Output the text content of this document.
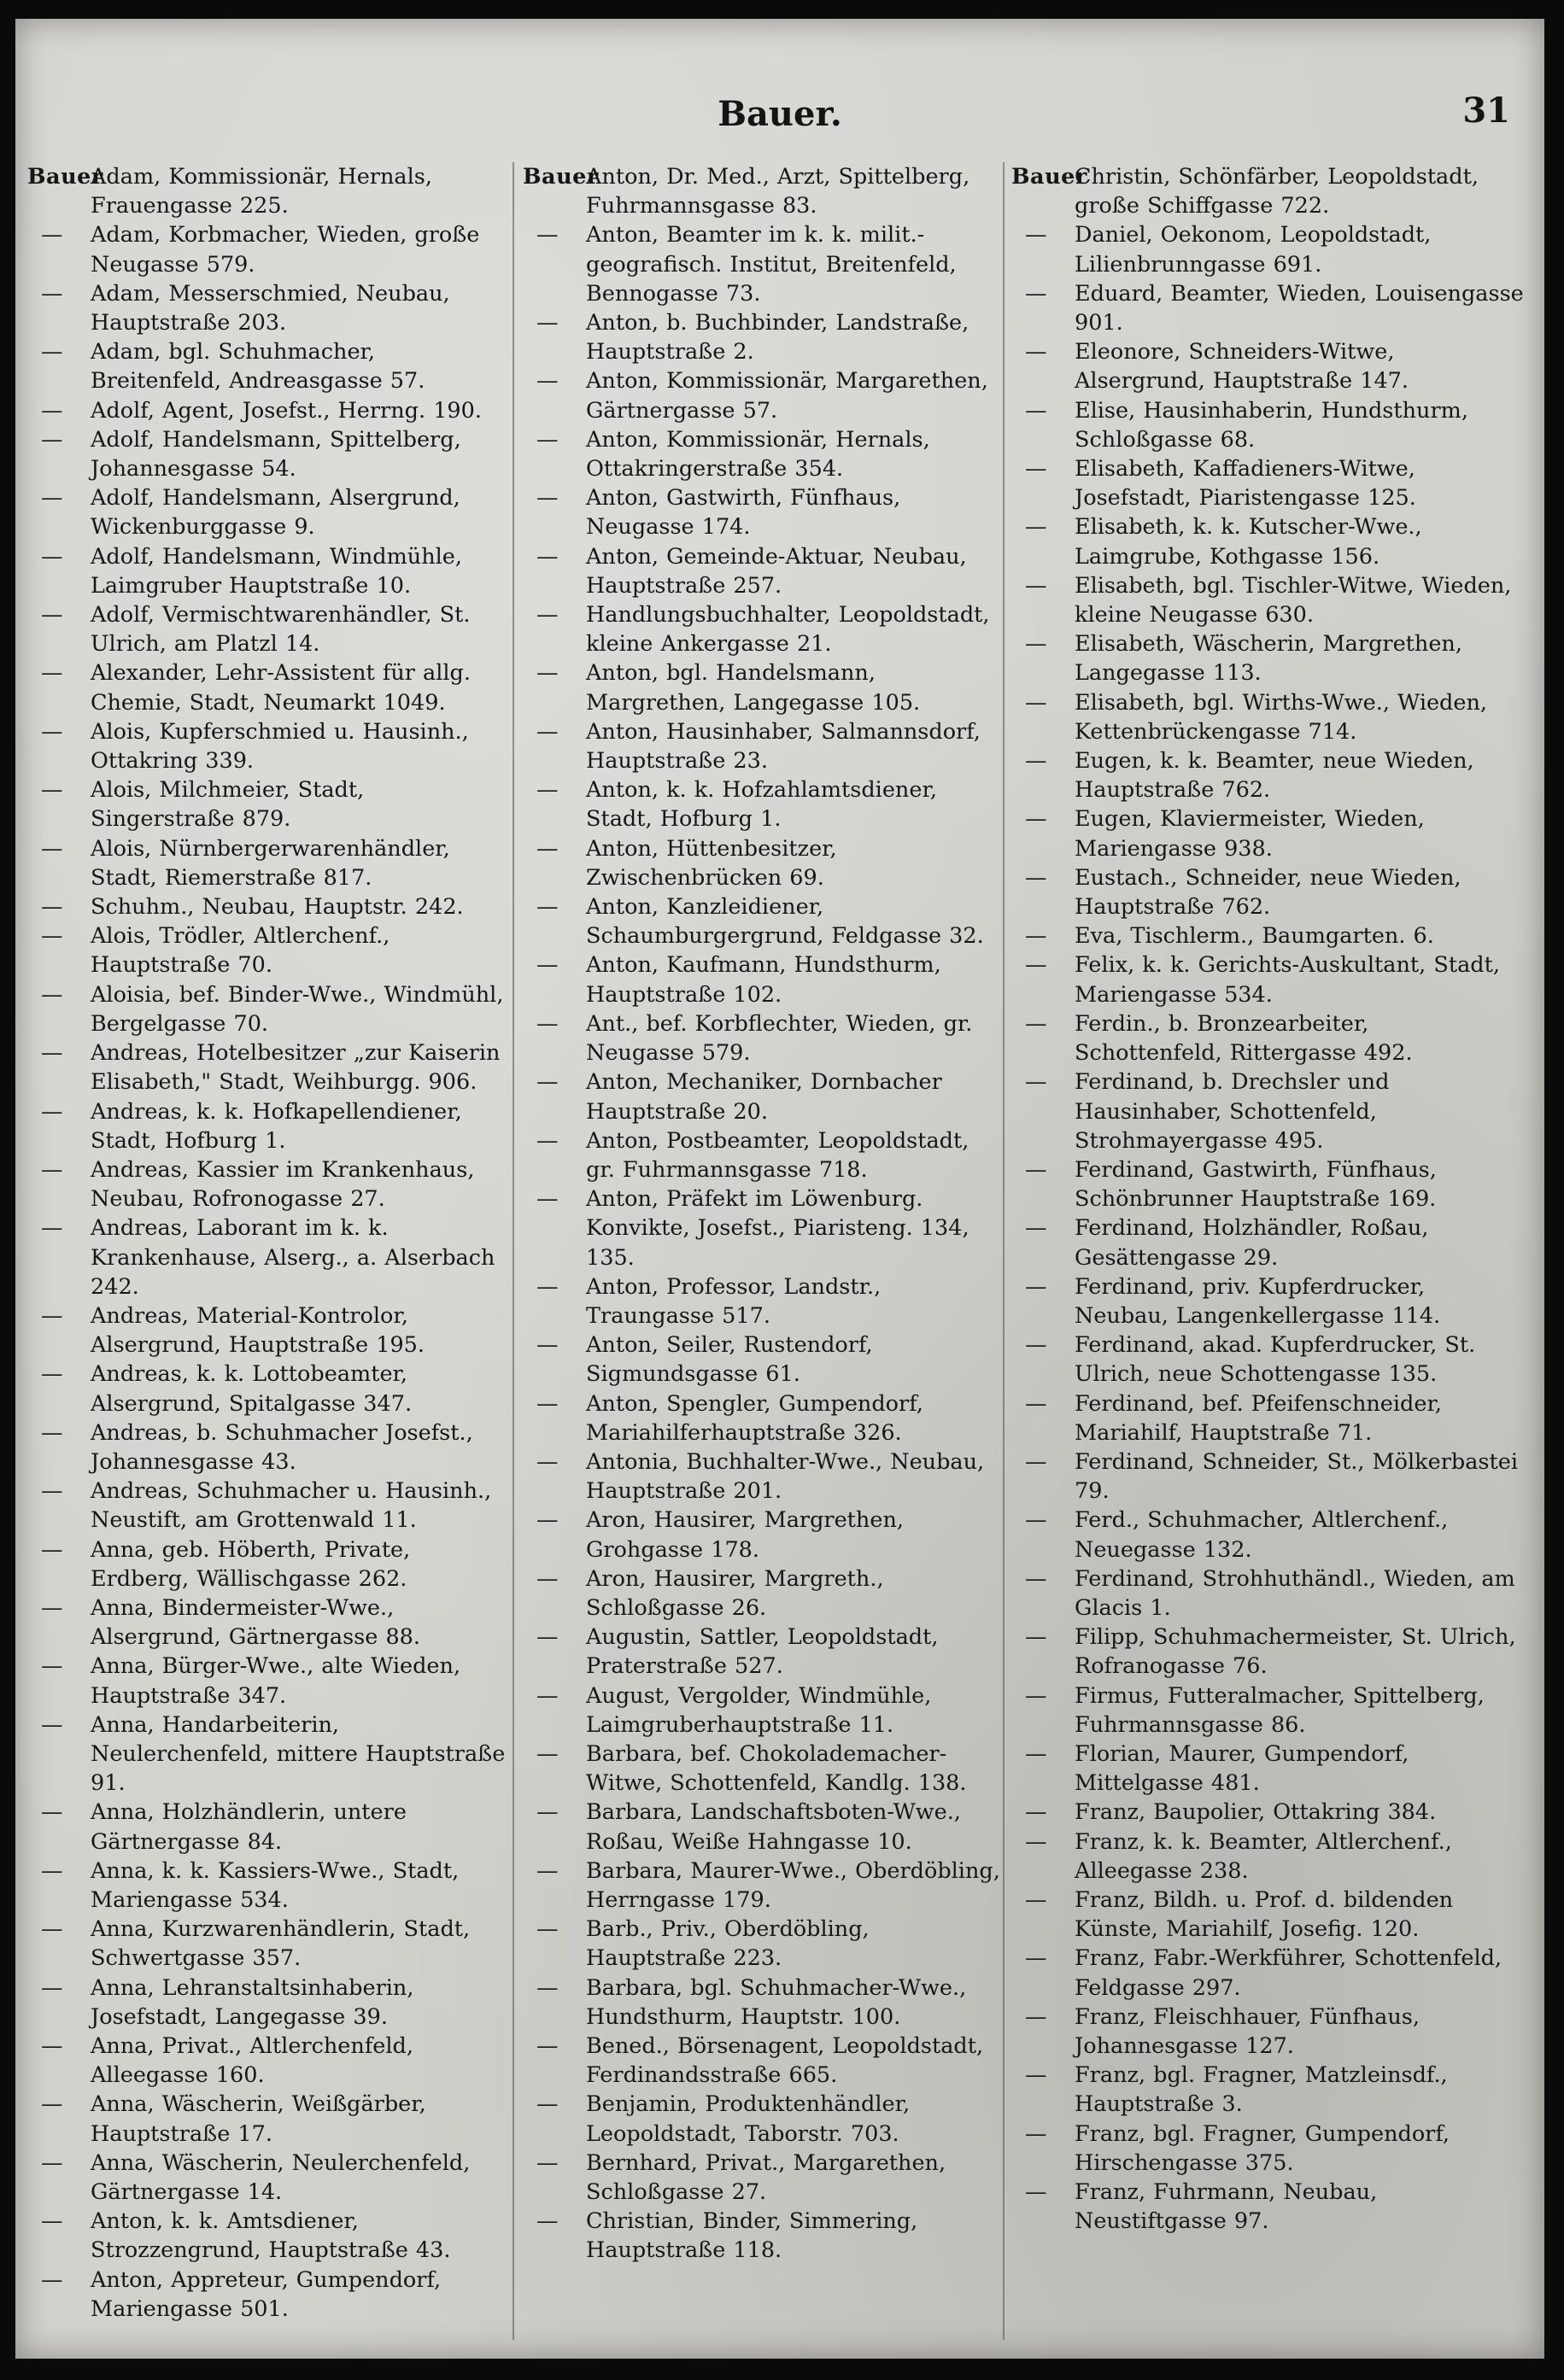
Bauer.	31

BauerAdam, Kommissionär, Hernals, Frauengasse 225.

—Adam, Korbmacher, Wieden, große Neugasse 579.

—Adam, Messerschmied, Neubau, Hauptstraße 203.

—Adam, bgl. Schuhmacher, Breitenfeld, Andreasgasse 57.

—Adolf, Agent, Josefst., Herrng. 190.

—Adolf, Handelsmann, Spittelberg, Johannesgasse 54.

—Adolf, Handelsmann, Alsergrund, Wickenburggasse 9.

—Adolf, Handelsmann, Windmühle, Laimgruber Hauptstraße 10.

—Adolf, Vermischtwarenhändler, St. Ulrich, am Platzl 14.

—Alexander, Lehr-Assistent für allg. Chemie, Stadt, Neumarkt 1049.

—Alois, Kupferschmied u. Hausinh., Ottakring 339.

—Alois, Milchmeier, Stadt, Singerstraße 879.

—Alois, Nürnbergerwarenhändler, Stadt, Riemerstraße 817.

—Schuhm., Neubau, Hauptstr. 242.

—Alois, Trödler, Altlerchenf., Hauptstraße 70.

—Aloisia, bef. Binder-Wwe., Windmühl, Bergelgasse 70.

—Andreas, Hotelbesitzer „zur Kaiserin Elisabeth," Stadt, Weihburgg. 906.

—Andreas, k. k. Hofkapellendiener, Stadt, Hofburg 1.

—Andreas, Kassier im Krankenhaus, Neubau, Rofronogasse 27.

—Andreas, Laborant im k. k. Krankenhause, Alserg., a. Alserbach 242.

—Andreas, Material-Kontrolor, Alsergrund, Hauptstraße 195.

—Andreas, k. k. Lottobeamter, Alsergrund, Spitalgasse 347.

—Andreas, b. Schuhmacher Josefst., Johannesgasse 43.

—Andreas, Schuhmacher u. Hausinh., Neustift, am Grottenwald 11.

—Anna, geb. Höberth, Private, Erdberg, Wällischgasse 262.

—Anna, Bindermeister-Wwe., Alsergrund, Gärtnergasse 88.

—Anna, Bürger-Wwe., alte Wieden, Hauptstraße 347.

—Anna, Handarbeiterin, Neulerchenfeld, mittere Hauptstraße 91.

—Anna, Holzhändlerin, untere Gärtnergasse 84.

—Anna, k. k. Kassiers-Wwe., Stadt, Mariengasse 534.

—Anna, Kurzwarenhändlerin, Stadt, Schwertgasse 357.

—Anna, Lehranstaltsinhaberin, Josefstadt, Langegasse 39.

—Anna, Privat., Altlerchenfeld, Alleegasse 160.

—Anna, Wäscherin, Weißgärber, Hauptstraße 17.

—Anna, Wäscherin, Neulerchenfeld, Gärtnergasse 14.

—Anton, k. k. Amtsdiener, Strozzengrund, Hauptstraße 43.

—Anton, Appreteur, Gumpendorf, Mariengasse 501.

BauerAnton, Dr. Med., Arzt, Spittelberg, Fuhrmannsgasse 83.

—Anton, Beamter im k. k. milit.-geografisch. Institut, Breitenfeld, Bennogasse 73.

—Anton, b. Buchbinder, Landstraße, Hauptstraße 2.

—Anton, Kommissionär, Margarethen, Gärtnergasse 57.

—Anton, Kommissionär, Hernals, Ottakringerstraße 354.

—Anton, Gastwirth, Fünfhaus, Neugasse 174.

—Anton, Gemeinde-Aktuar, Neubau, Hauptstraße 257.

—Handlungsbuchhalter, Leopoldstadt, kleine Ankergasse 21.

—Anton, bgl. Handelsmann, Margrethen, Langegasse 105.

—Anton, Hausinhaber, Salmannsdorf, Hauptstraße 23.

—Anton, k. k. Hofzahlamtsdiener, Stadt, Hofburg 1.

—Anton, Hüttenbesitzer, Zwischenbrücken 69.

—Anton, Kanzleidiener, Schaumburgergrund, Feldgasse 32.

—Anton, Kaufmann, Hundsthurm, Hauptstraße 102.

—Ant., bef. Korbflechter, Wieden, gr. Neugasse 579.

—Anton, Mechaniker, Dornbacher Hauptstraße 20.

—Anton, Postbeamter, Leopoldstadt, gr. Fuhrmannsgasse 718.

—Anton, Präfekt im Löwenburg. Konvikte, Josefst., Piaristeng. 134, 135.

—Anton, Professor, Landstr., Traungasse 517.

—Anton, Seiler, Rustendorf, Sigmundsgasse 61.

—Anton, Spengler, Gumpendorf, Mariahilferhauptstraße 326.

—Antonia, Buchhalter-Wwe., Neubau, Hauptstraße 201.

—Aron, Hausirer, Margrethen, Grohgasse 178.

—Aron, Hausirer, Margreth., Schloßgasse 26.

—Augustin, Sattler, Leopoldstadt, Praterstraße 527.

—August, Vergolder, Windmühle, Laimgruberhauptstraße 11.

—Barbara, bef. Chokolademacher-Witwe, Schottenfeld, Kandlg. 138.

—Barbara, Landschaftsboten-Wwe., Roßau, Weiße Hahngasse 10.

—Barbara, Maurer-Wwe., Oberdöbling, Herrngasse 179.

—Barb., Priv., Oberdöbling, Hauptstraße 223.

—Barbara, bgl. Schuhmacher-Wwe., Hundsthurm, Hauptstr. 100.

—Bened., Börsenagent, Leopoldstadt, Ferdinandsstraße 665.

—Benjamin, Produktenhändler, Leopoldstadt, Taborstr. 703.

—Bernhard, Privat., Margarethen, Schloßgasse 27.

—Christian, Binder, Simmering, Hauptstraße 118.

BauerChristin, Schönfärber, Leopoldstadt, große Schiffgasse 722.

—Daniel, Oekonom, Leopoldstadt, Lilienbrunngasse 691.

—Eduard, Beamter, Wieden, Louisengasse 901.

—Eleonore, Schneiders-Witwe, Alsergrund, Hauptstraße 147.

—Elise, Hausinhaberin, Hundsthurm, Schloßgasse 68.

—Elisabeth, Kaffadieners-Witwe, Josefstadt, Piaristengasse 125.

—Elisabeth, k. k. Kutscher-Wwe., Laimgrube, Kothgasse 156.

—Elisabeth, bgl. Tischler-Witwe, Wieden, kleine Neugasse 630.

—Elisabeth, Wäscherin, Margrethen, Langegasse 113.

—Elisabeth, bgl. Wirths-Wwe., Wieden, Kettenbrückengasse 714.

—Eugen, k. k. Beamter, neue Wieden, Hauptstraße 762.

—Eugen, Klaviermeister, Wieden, Mariengasse 938.

—Eustach., Schneider, neue Wieden, Hauptstraße 762.

—Eva, Tischlerm., Baumgarten. 6.

—Felix, k. k. Gerichts-Auskultant, Stadt, Mariengasse 534.

—Ferdin., b. Bronzearbeiter, Schottenfeld, Rittergasse 492.

—Ferdinand, b. Drechsler und Hausinhaber, Schottenfeld, Strohmayergasse 495.

—Ferdinand, Gastwirth, Fünfhaus, Schönbrunner Hauptstraße 169.

—Ferdinand, Holzhändler, Roßau, Gesättengasse 29.

—Ferdinand, priv. Kupferdrucker, Neubau, Langenkellergasse 114.

—Ferdinand, akad. Kupferdrucker, St. Ulrich, neue Schottengasse 135.

—Ferdinand, bef. Pfeifenschneider, Mariahilf, Hauptstraße 71.

—Ferdinand, Schneider, St., Mölkerbastei 79.

—Ferd., Schuhmacher, Altlerchenf., Neuegasse 132.

—Ferdinand, Strohhuthändl., Wieden, am Glacis 1.

—Filipp, Schuhmachermeister, St. Ulrich, Rofranogasse 76.

—Firmus, Futteralmacher, Spittelberg, Fuhrmannsgasse 86.

—Florian, Maurer, Gumpendorf, Mittelgasse 481.

—Franz, Baupolier, Ottakring 384.

—Franz, k. k. Beamter, Altlerchenf., Alleegasse 238.

—Franz, Bildh. u. Prof. d. bildenden Künste, Mariahilf, Josefig. 120.

—Franz, Fabr.-Werkführer, Schottenfeld, Feldgasse 297.

—Franz, Fleischhauer, Fünfhaus, Johannesgasse 127.

—Franz, bgl. Fragner, Matzleinsdf., Hauptstraße 3.

—Franz, bgl. Fragner, Gumpendorf, Hirschengasse 375.

—Franz, Fuhrmann, Neubau, Neustiftgasse 97.
